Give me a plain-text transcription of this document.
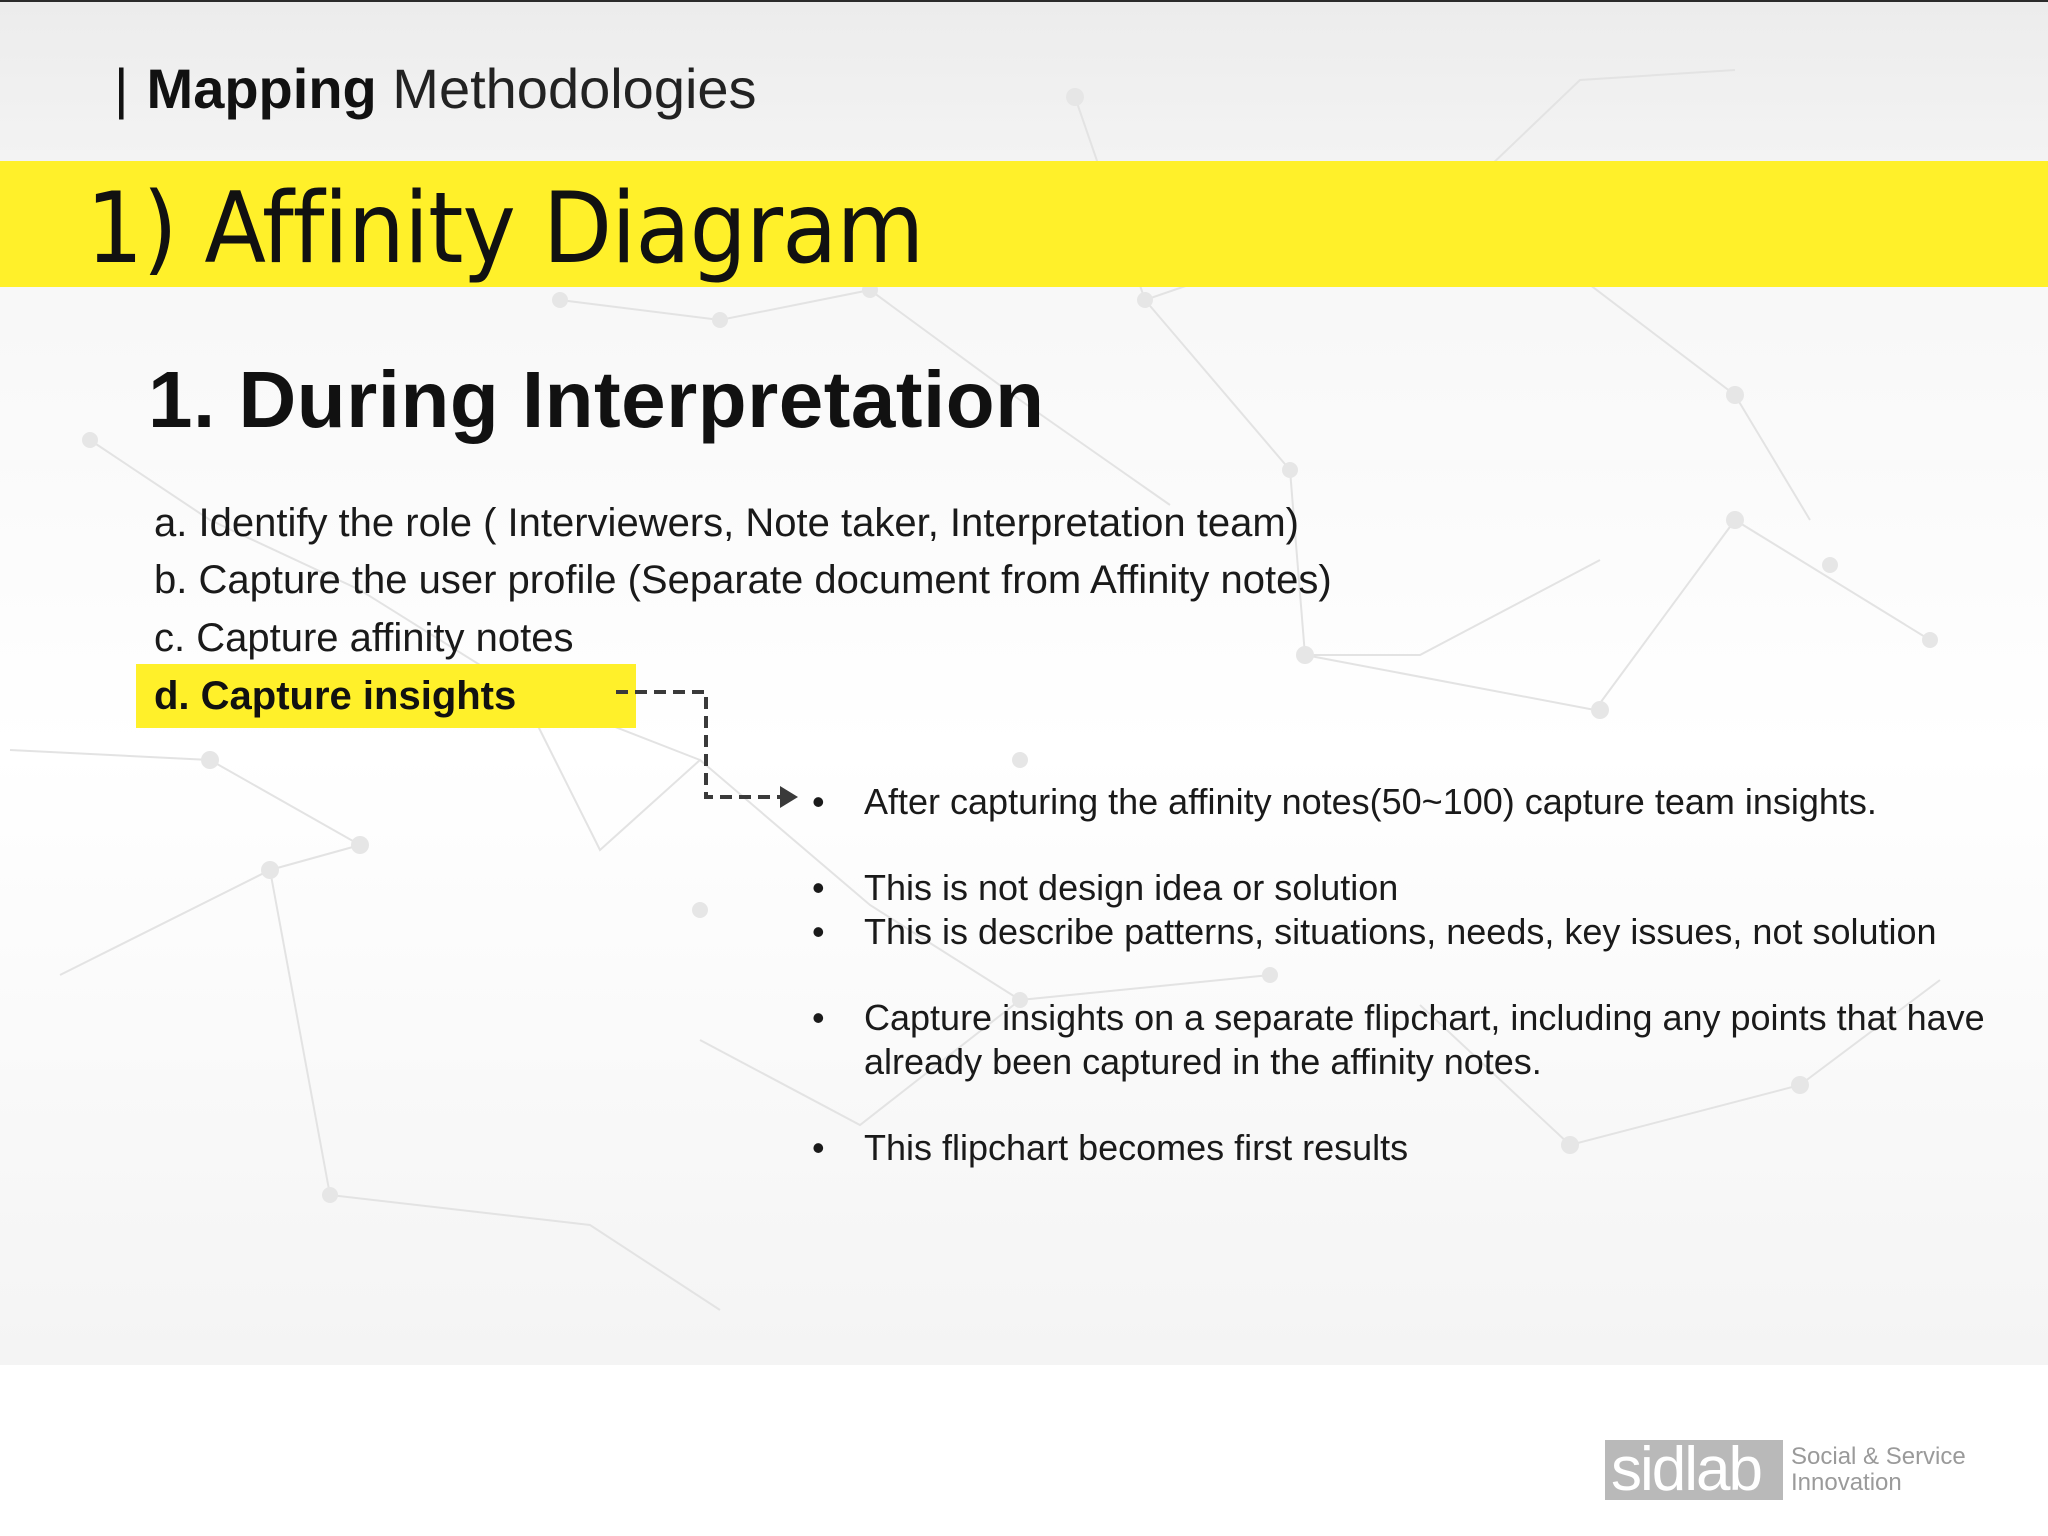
| Mapping Methodologies
1) Affinity Diagram
1. During Interpretation
a. Identify the role ( Interviewers, Note taker, Interpretation team)
b. Capture the user profile (Separate document from Affinity notes)
c. Capture affinity notes
d. Capture insights
•	After capturing the affinity notes(50~100) capture team insights.
•	This is not design idea or solution
•	This is describe patterns, situations, needs, key issues, not solution
•	Capture insights on a separate flipchart, including any points that have already been captured in the affinity notes.
•	This flipchart becomes first results
sidlab Social & Service
Innovation
